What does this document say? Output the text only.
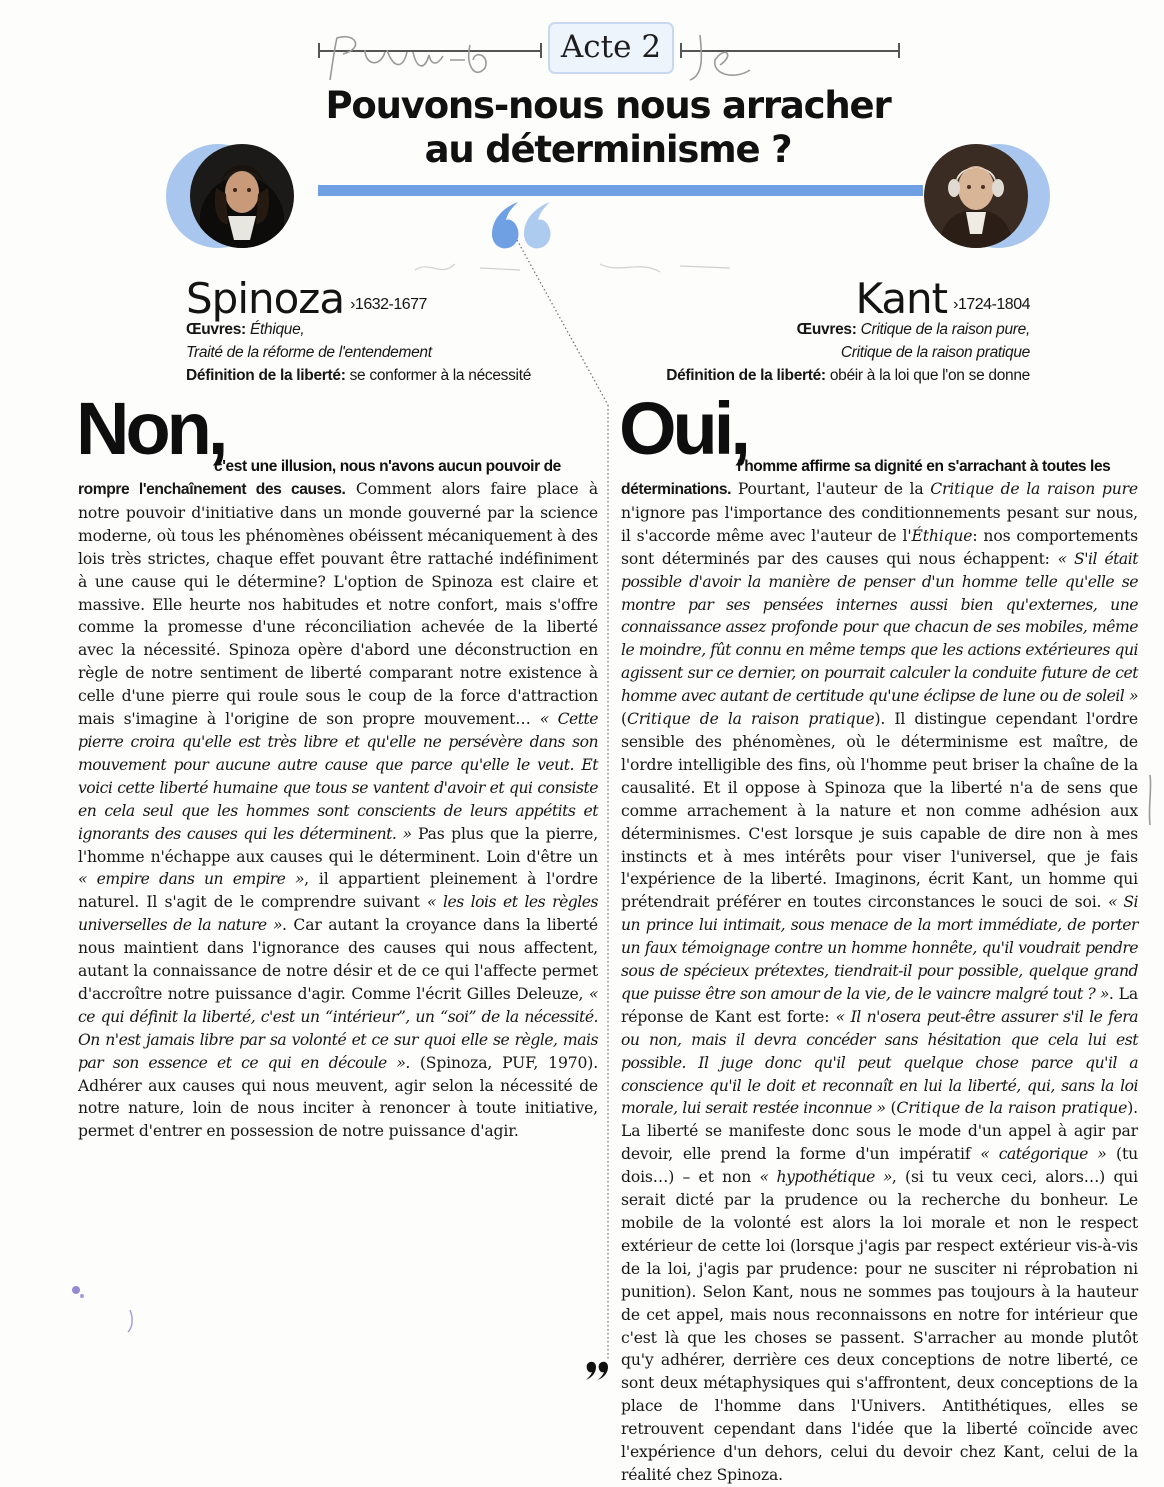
Acte 2
Pouvons-nous nous arracher
au déterminisme ?
Spinoza ›1632-1677
Œuvres: Éthique,
Traité de la réforme de l'entendement
Définition de la liberté: se conformer à la nécessité
Kant ›1724-1804
Œuvres: Critique de la raison pure,
Critique de la raison pratique
Définition de la liberté: obéir à la loi que l'on se donne
Non,	Oui,
c'est une illusion, nous n'avons aucun pouvoir de	l'homme affirme sa dignité en s'arrachant à toutes les

rompre l'enchaînement des causes. Comment alors faire place à notre pouvoir d'initiative dans un monde gouverné par la science moderne, où tous les phénomènes obéissent mécaniquement à des lois très strictes, chaque effet pouvant être rattaché indéfiniment à une cause qui le détermine? L'option de Spinoza est claire et massive. Elle heurte nos habitudes et notre confort, mais s'offre comme la promesse d'une réconciliation achevée de la liberté avec la nécessité. Spinoza opère d'abord une déconstruction en règle de notre sentiment de liberté comparant notre existence à celle d'une pierre qui roule sous le coup de la force d'attraction mais s'imagine à l'origine de son propre mouvement… « Cette pierre croira qu'elle est très libre et qu'elle ne persévère dans son mouvement pour aucune autre cause que parce qu'elle le veut. Et voici cette liberté humaine que tous se vantent d'avoir et qui consiste en cela seul que les hommes sont conscients de leurs appétits et ignorants des causes qui les déterminent. » Pas plus que la pierre, l'homme n'échappe aux causes qui le déterminent. Loin d'être un « empire dans un empire », il appartient pleinement à l'ordre naturel. Il s'agit de le comprendre suivant « les lois et les règles universelles de la nature ». Car autant la croyance dans la liberté nous maintient dans l'ignorance des causes qui nous affectent, autant la connaissance de notre désir et de ce qui l'affecte permet d'accroître notre puissance d'agir. Comme l'écrit Gilles Deleuze, « ce qui définit la liberté, c'est un “intérieur”, un “soi” de la nécessité. On n'est jamais libre par sa volonté et ce sur quoi elle se règle, mais par son essence et ce qui en découle ». (Spinoza, PUF, 1970). Adhérer aux causes qui nous meuvent, agir selon la nécessité de notre nature, loin de nous inciter à renoncer à toute initiative, permet d'entrer en possession de notre puissance d'agir.

déterminations. Pourtant, l'auteur de la Critique de la raison pure n'ignore pas l'importance des conditionnements pesant sur nous, il s'accorde même avec l'auteur de l'Éthique: nos comportements sont déterminés par des causes qui nous échappent: « S'il était possible d'avoir la manière de penser d'un homme telle qu'elle se montre par ses pensées internes aussi bien qu'externes, une connaissance assez profonde pour que chacun de ses mobiles, même le moindre, fût connu en même temps que les actions extérieures qui agissent sur ce dernier, on pourrait calculer la conduite future de cet homme avec autant de certitude qu'une éclipse de lune ou de soleil » (Critique de la raison pratique). Il distingue cependant l'ordre sensible des phénomènes, où le déterminisme est maître, de l'ordre intelligible des fins, où l'homme peut briser la chaîne de la causalité. Et il oppose à Spinoza que la liberté n'a de sens que comme arrachement à la nature et non comme adhésion aux déterminismes. C'est lorsque je suis capable de dire non à mes instincts et à mes intérêts pour viser l'universel, que je fais l'expérience de la liberté. Imaginons, écrit Kant, un homme qui prétendrait préférer en toutes circonstances le souci de soi. « Si un prince lui intimait, sous menace de la mort immédiate, de porter un faux témoignage contre un homme honnête, qu'il voudrait pendre sous de spécieux prétextes, tiendrait-il pour possible, quelque grand que puisse être son amour de la vie, de le vaincre malgré tout ? ». La réponse de Kant est forte: « Il n'osera peut-être assurer s'il le fera ou non, mais il devra concéder sans hésitation que cela lui est possible. Il juge donc qu'il peut quelque chose parce qu'il a conscience qu'il le doit et reconnaît en lui la liberté, qui, sans la loi morale, lui serait restée inconnue » (Critique de la raison pratique). La liberté se manifeste donc sous le mode d'un appel à agir par devoir, elle prend la forme d'un impératif « catégorique » (tu dois…) – et non « hypothétique », (si tu veux ceci, alors…) qui serait dicté par la prudence ou la recherche du bonheur. Le mobile de la volonté est alors la loi morale et non le respect extérieur de cette loi (lorsque j'agis par respect extérieur vis-à-vis de la loi, j'agis par prudence: pour ne susciter ni réprobation ni punition). Selon Kant, nous ne sommes pas toujours à la hauteur de cet appel, mais nous reconnaissons en notre for intérieur que c'est là que les choses se passent. S'arracher au monde plutôt qu'y adhérer, derrière ces deux conceptions de notre liberté, ce sont deux métaphysiques qui s'affrontent, deux conceptions de la place de l'homme dans l'Univers. Antithétiques, elles se retrouvent cependant dans l'idée que la liberté coïncide avec l'expérience d'un dehors, celui du devoir chez Kant, celui de la réalité chez Spinoza.
